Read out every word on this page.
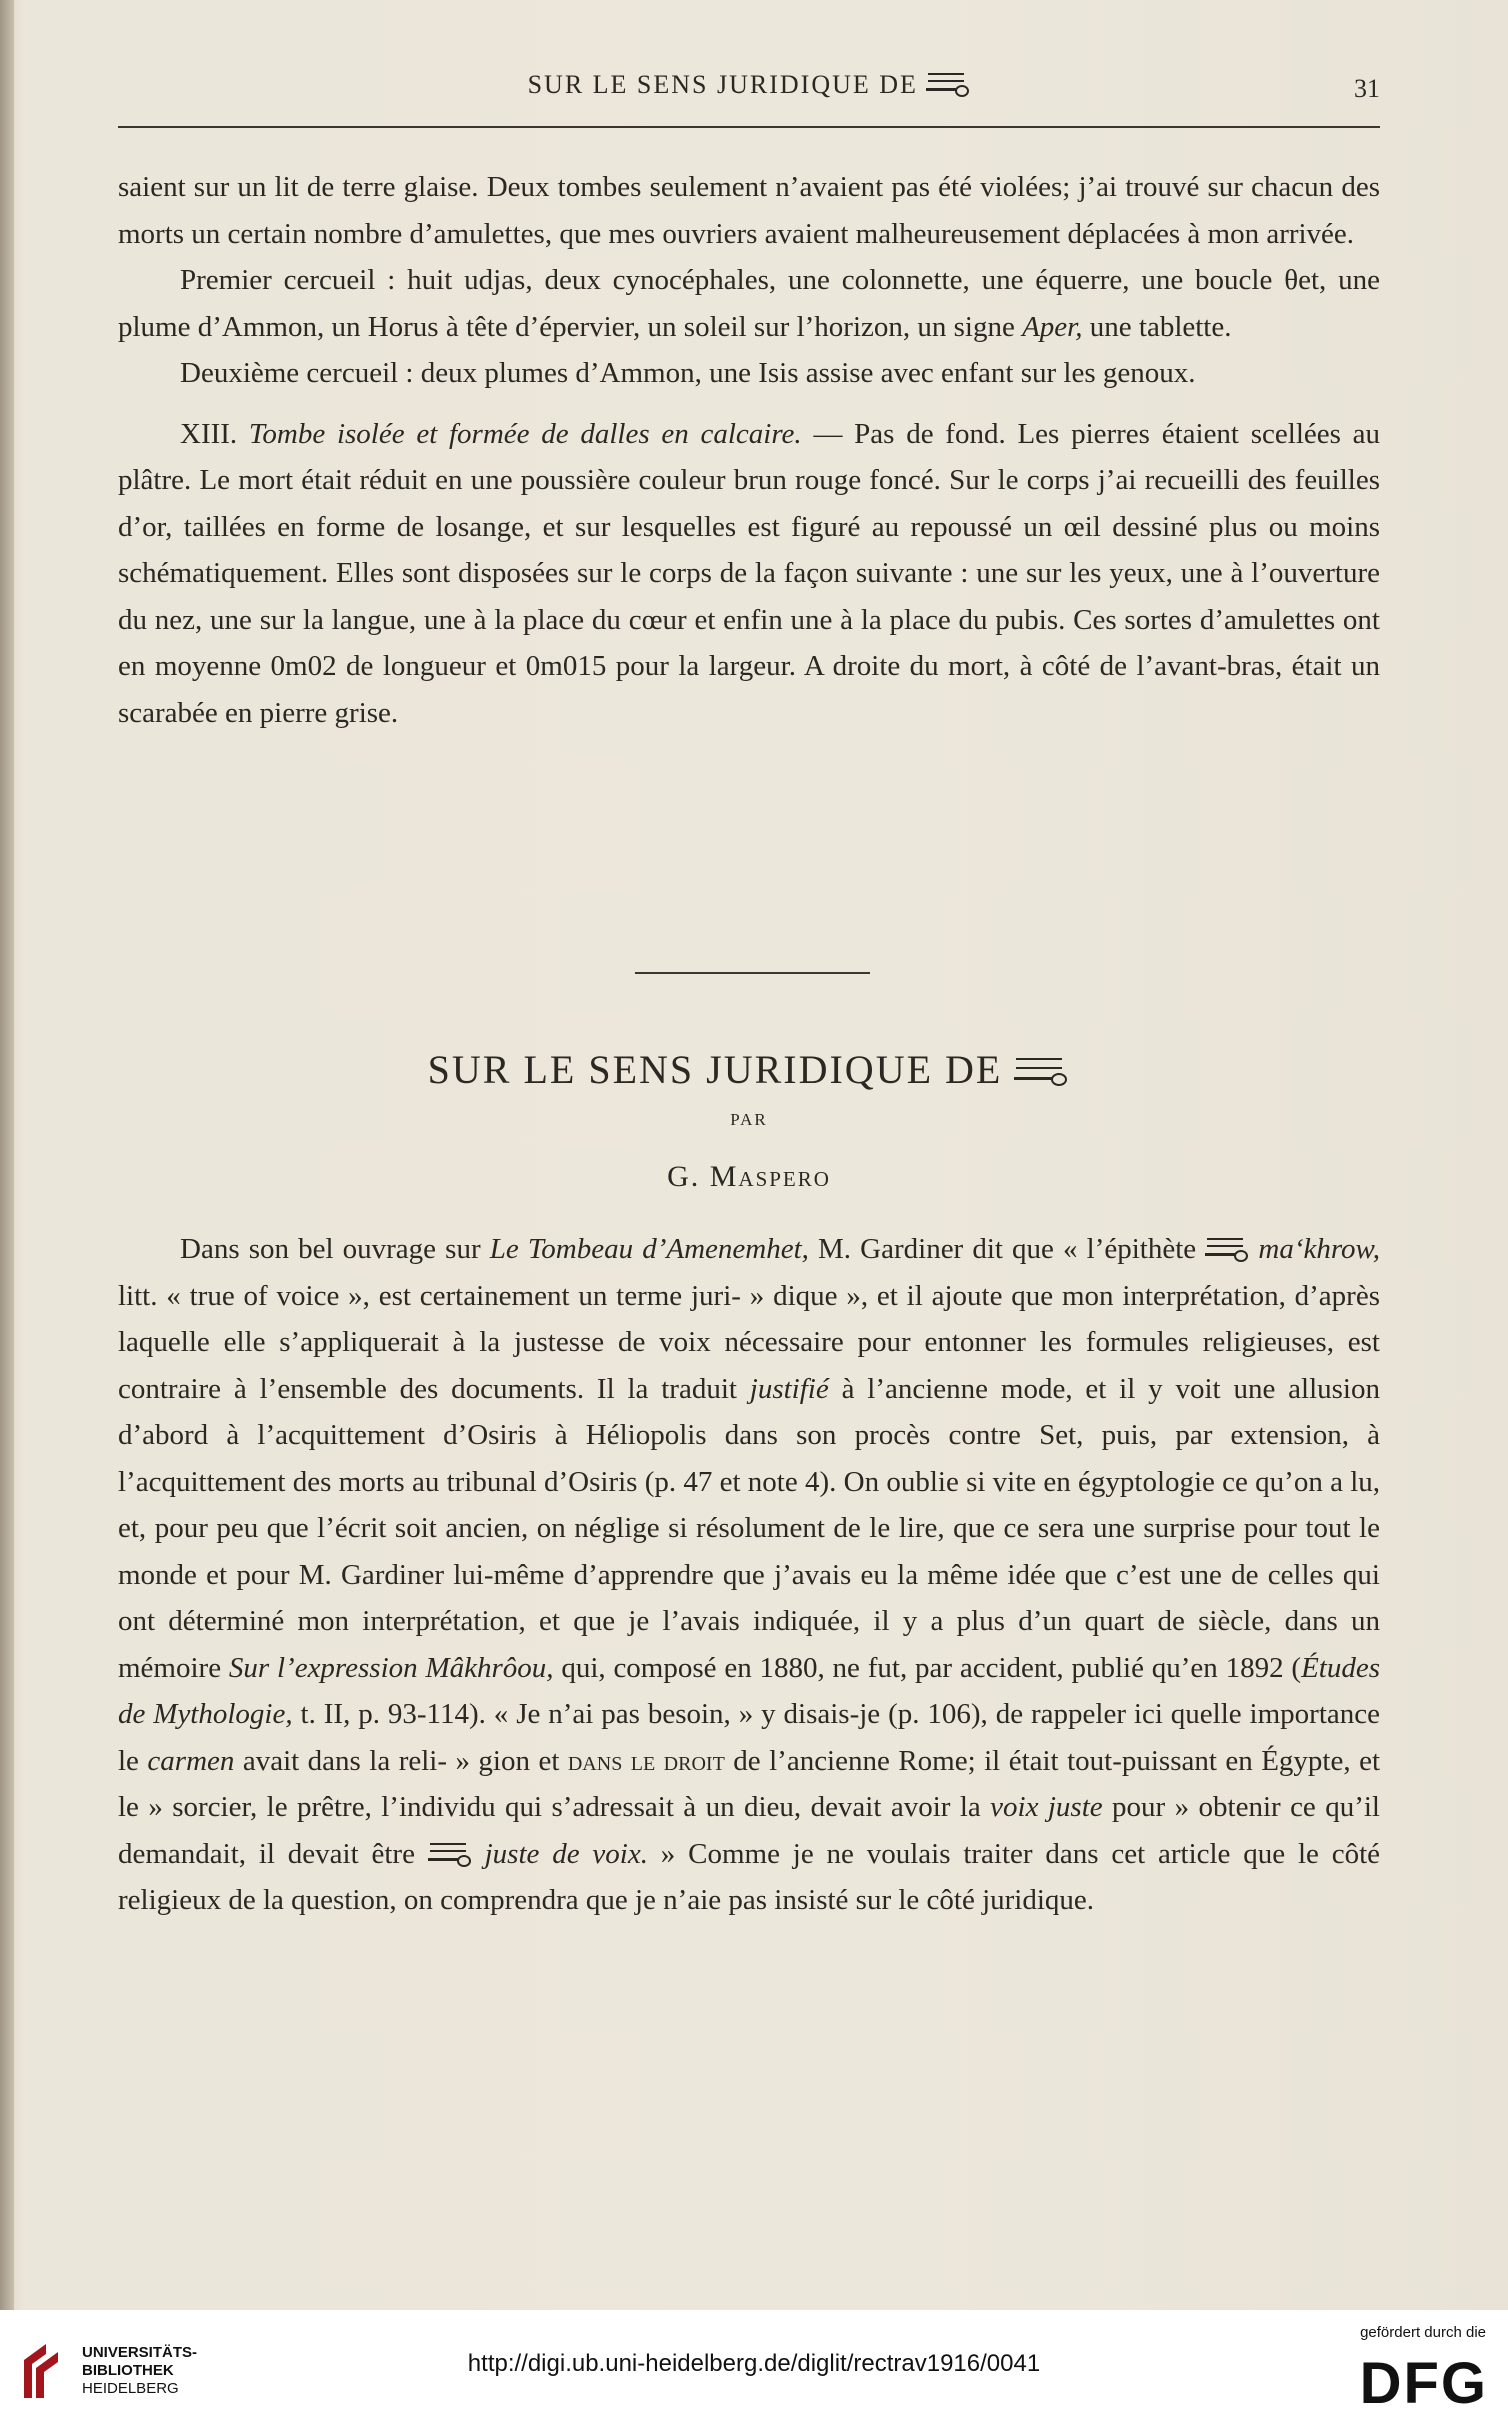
SUR LE SENS JURIDIQUE DE	31

saient sur un lit de terre glaise. Deux tombes seulement n’avaient pas été violées; j’ai trouvé sur chacun des morts un certain nombre d’amulettes, que mes ouvriers avaient malheureusement déplacées à mon arrivée.

Premier cercueil : huit udjas, deux cynocéphales, une colonnette, une équerre, une boucle θet, une plume d’Ammon, un Horus à tête d’épervier, un soleil sur l’horizon, un signe Aper, une tablette.

Deuxième cercueil : deux plumes d’Ammon, une Isis assise avec enfant sur les genoux.

XIII. Tombe isolée et formée de dalles en calcaire. — Pas de fond. Les pierres étaient scellées au plâtre. Le mort était réduit en une poussière couleur brun rouge foncé. Sur le corps j’ai recueilli des feuilles d’or, taillées en forme de losange, et sur lesquelles est figuré au repoussé un œil dessiné plus ou moins schématiquement. Elles sont disposées sur le corps de la façon suivante : une sur les yeux, une à l’ouverture du nez, une sur la langue, une à la place du cœur et enfin une à la place du pubis. Ces sortes d’amulettes ont en moyenne 0m02 de longueur et 0m015 pour la largeur. A droite du mort, à côté de l’avant-bras, était un scarabée en pierre grise.

SUR LE SENS JURIDIQUE DE
PAR
G. Maspero

Dans son bel ouvrage sur Le Tombeau d’Amenemhet, M. Gardiner dit que « l’épithète ma‘khrow, litt. « true of voice », est certainement un terme juri- » dique », et il ajoute que mon interprétation, d’après laquelle elle s’appliquerait à la justesse de voix nécessaire pour entonner les formules religieuses, est contraire à l’ensemble des documents. Il la traduit justifié à l’ancienne mode, et il y voit une allusion d’abord à l’acquittement d’Osiris à Héliopolis dans son procès contre Set, puis, par extension, à l’acquittement des morts au tribunal d’Osiris (p. 47 et note 4). On oublie si vite en égyptologie ce qu’on a lu, et, pour peu que l’écrit soit ancien, on néglige si résolument de le lire, que ce sera une surprise pour tout le monde et pour M. Gardiner lui-même d’apprendre que j’avais eu la même idée que c’est une de celles qui ont déterminé mon interprétation, et que je l’avais indiquée, il y a plus d’un quart de siècle, dans un mémoire Sur l’expression Mâkhrôou, qui, composé en 1880, ne fut, par accident, publié qu’en 1892 (Études de Mythologie, t. II, p. 93-114). « Je n’ai pas besoin, » y disais-je (p. 106), de rappeler ici quelle importance le carmen avait dans la reli- » gion et dans le droit de l’ancienne Rome; il était tout-puissant en Égypte, et le » sorcier, le prêtre, l’individu qui s’adressait à un dieu, devait avoir la voix juste pour » obtenir ce qu’il demandait, il devait être juste de voix. » Comme je ne voulais traiter dans cet article que le côté religieux de la question, on comprendra que je n’aie pas insisté sur le côté juridique.

UNIVERSITÄTS-
BIBLIOTHEK
HEIDELBERG
http://digi.ub.uni-heidelberg.de/diglit/rectrav1916/0041
gefördert durch die
DFG
